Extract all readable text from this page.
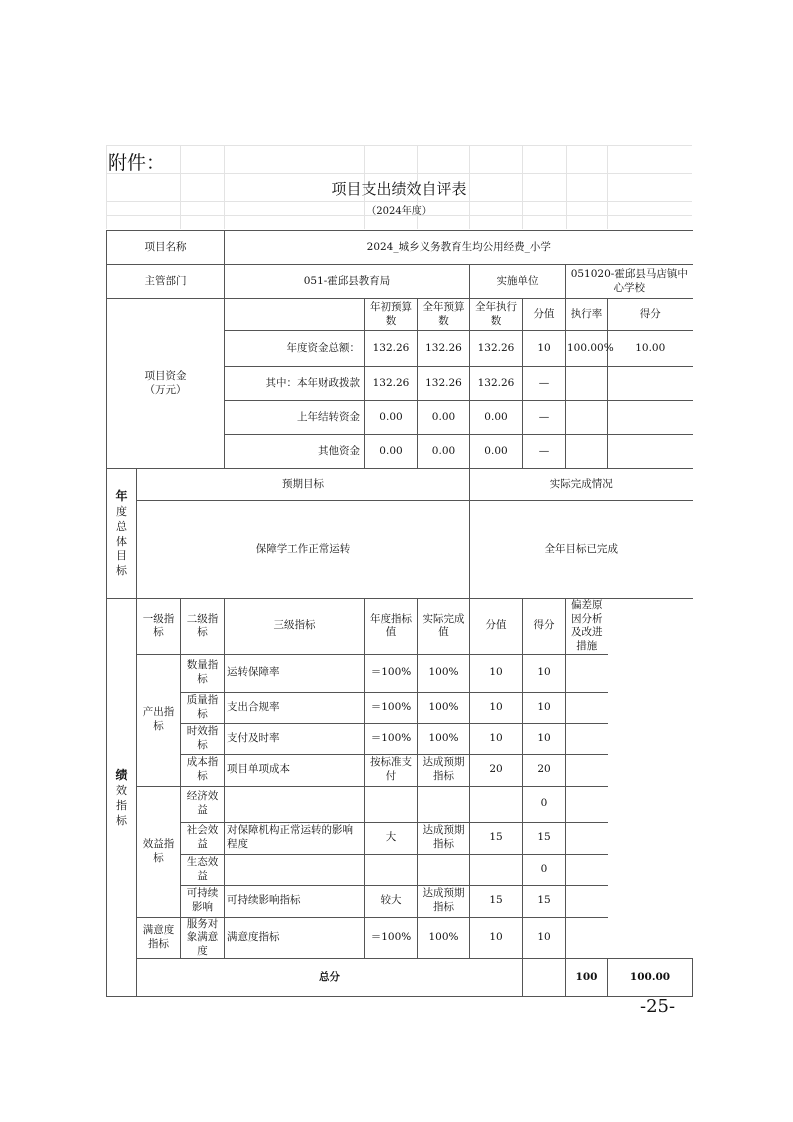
附件：
项目支出绩效自评表
（2024年度）
项目名称			2024_城乡义务教育生均公用经费_小学							
主管部门			051-霍邱县教育局			实施单位		051020-霍邱县马店镇中心学校		
项目资金
（万元）				年初预算数	全年预算数	全年执行数	分值	执行率	得分	
			年度资金总额：	132.26	132.26	132.26	10	100.00%	10.00	
			其中：本年财政拨款	132.26	132.26	132.26	—			
			上年结转资金	0.00	0.00	0.00	—			
			其他资金	0.00	0.00	0.00	—			
年度总体目标	预期目标					实际完成情况				
	保障学工作正常运转					全年目标已完成				
绩效指标	一级指标	二级指标	三级指标	年度指标值	实际完成值	分值	得分	偏差原因分析及改进措施		
	产出指标	数量指标	运转保障率	＝100%	100%	10	10			
		质量指标	支出合规率	＝100%	100%	10	10			
		时效指标	支付及时率	＝100%	100%	10	10			
		成本指标	项目单项成本	按标准支付	达成预期指标	20	20			
	效益指标	经济效益					0			
		社会效益	对保障机构正常运转的影响程度	大	达成预期指标	15	15			
		生态效益					0			
		可持续影响	可持续影响指标	较大	达成预期指标	15	15			
	满意度指标	服务对象满意度	满意度指标	＝100%	100%	10	10			
	总分							100	100.00	
-25-
